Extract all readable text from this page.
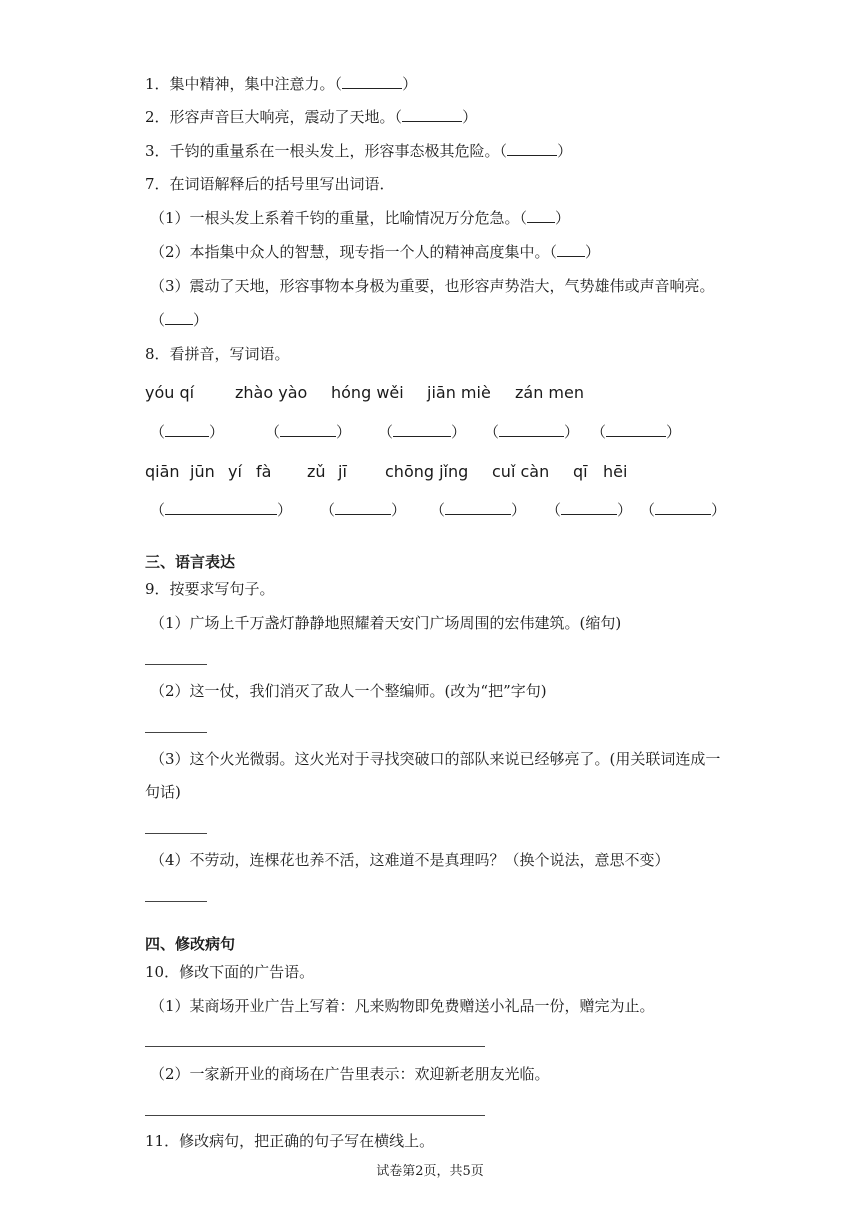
1．集中精神，集中注意力。（	）
2．形容声音巨大响亮，震动了天地。（	）
3．千钧的重量系在一根头发上，形容事态极其危险。（	）
7．在词语解释后的括号里写出词语．
（1）一根头发上系着千钧的重量，比喻情况万分危急。（ ）
（2）本指集中众人的智慧，现专指一个人的精神高度集中。（ ）
（3）震动了天地，形容事物本身极为重要，也形容声势浩大，气势雄伟或声音响亮。
（ ）
8．看拼音，写词语。
yóu qí	zhào yào hóng wěi jiān miè zán men
（	）	（	） （	） （	） （	）
qiān jūn yí fà zǔ jī chōng jǐng cuǐ càn qī hēi
（	） （	） （	） （	） （	）
三、语言表达
9．按要求写句子。
（1）广场上千万盏灯静静地照耀着天安门广场周围的宏伟建筑。(缩句)
（2）这一仗，我们消灭了敌人一个整编师。(改为“把”字句)
（3）这个火光微弱。这火光对于寻找突破口的部队来说已经够亮了。(用关联词连成一
句话)
（4）不劳动，连棵花也养不活，这难道不是真理吗？（换个说法，意思不变）
四、修改病句
10．修改下面的广告语。
（1）某商场开业广告上写着：凡来购物即免费赠送小礼品一份，赠完为止。
（2）一家新开业的商场在广告里表示：欢迎新老朋友光临。
11．修改病句，把正确的句子写在横线上。
试卷第2页，共5页
